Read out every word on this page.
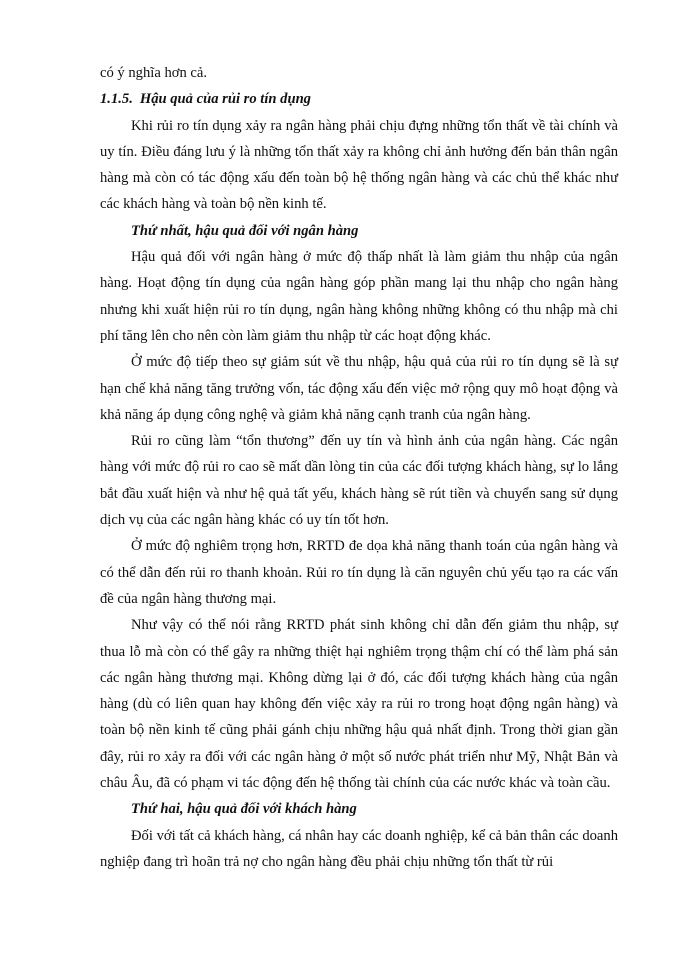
có ý nghĩa hơn cả.

1.1.5. Hậu quả của rủi ro tín dụng

Khi rủi ro tín dụng xảy ra ngân hàng phải chịu đựng những tổn thất về tài chính và uy tín. Điều đáng lưu ý là những tổn thất xảy ra không chỉ ảnh hưởng đến bản thân ngân hàng mà còn có tác động xấu đến toàn bộ hệ thống ngân hàng và các chủ thể khác như các khách hàng và toàn bộ nền kinh tế.

Thứ nhất, hậu quả đối với ngân hàng

Hậu quả đối với ngân hàng ở mức độ thấp nhất là làm giảm thu nhập của ngân hàng. Hoạt động tín dụng của ngân hàng góp phần mang lại thu nhập cho ngân hàng nhưng khi xuất hiện rủi ro tín dụng, ngân hàng không những không có thu nhập mà chi phí tăng lên cho nên còn làm giảm thu nhập từ các hoạt động khác.

Ở mức độ tiếp theo sự giảm sút về thu nhập, hậu quả của rủi ro tín dụng sẽ là sự hạn chế khả năng tăng trưởng vốn, tác động xấu đến việc mở rộng quy mô hoạt động và khả năng áp dụng công nghệ và giảm khả năng cạnh tranh của ngân hàng.

Rủi ro cũng làm “tổn thương” đến uy tín và hình ảnh của ngân hàng. Các ngân hàng với mức độ rủi ro cao sẽ mất dần lòng tin của các đối tượng khách hàng, sự lo lắng bắt đầu xuất hiện và như hệ quả tất yếu, khách hàng sẽ rút tiền và chuyển sang sử dụng dịch vụ của các ngân hàng khác có uy tín tốt hơn.

Ở mức độ nghiêm trọng hơn, RRTD đe dọa khả năng thanh toán của ngân hàng và có thể dẫn đến rủi ro thanh khoản. Rủi ro tín dụng là căn nguyên chủ yếu tạo ra các vấn đề của ngân hàng thương mại.

Như vậy có thể nói rằng RRTD phát sinh không chỉ dẫn đến giảm thu nhập, sự thua lỗ mà còn có thể gây ra những thiệt hại nghiêm trọng thậm chí có thể làm phá sản các ngân hàng thương mại. Không dừng lại ở đó, các đối tượng khách hàng của ngân hàng (dù có liên quan hay không đến việc xảy ra rủi ro trong hoạt động ngân hàng) và toàn bộ nền kinh tế cũng phải gánh chịu những hậu quả nhất định. Trong thời gian gần đây, rủi ro xảy ra đối với các ngân hàng ở một số nước phát triển như Mỹ, Nhật Bản và châu Âu, đã có phạm vi tác động đến hệ thống tài chính của các nước khác và toàn cầu.

Thứ hai, hậu quả đối với khách hàng

Đối với tất cả khách hàng, cá nhân hay các doanh nghiệp, kể cả bản thân các doanh nghiệp đang trì hoãn trả nợ cho ngân hàng đều phải chịu những tổn thất từ rủi
